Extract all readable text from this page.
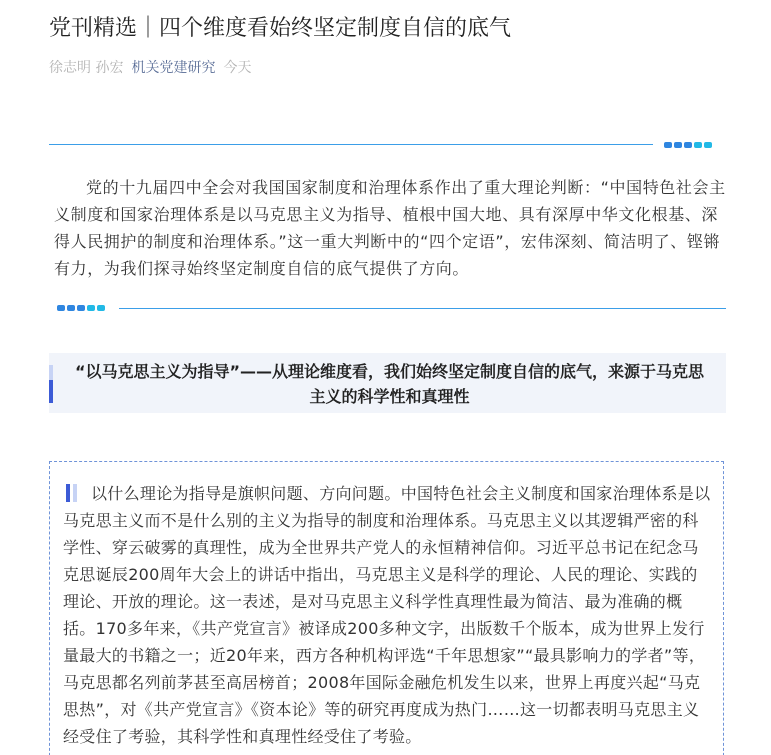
党刊精选｜四个维度看始终坚定制度自信的底气
徐志明 孙宏 机关党建研究 今天
党的十九届四中全会对我国国家制度和治理体系作出了重大理论判断：“中国特色社会主义制度和国家治理体系是以马克思主义为指导、植根中国大地、具有深厚中华文化根基、深得人民拥护的制度和治理体系。”这一重大判断中的“四个定语”，宏伟深刻、简洁明了、铿锵有力，为我们探寻始终坚定制度自信的底气提供了方向。
“以马克思主义为指导”——从理论维度看，我们始终坚定制度自信的底气，来源于马克思主义的科学性和真理性
以什么理论为指导是旗帜问题、方向问题。中国特色社会主义制度和国家治理体系是以马克思主义而不是什么别的主义为指导的制度和治理体系。马克思主义以其逻辑严密的科学性、穿云破雾的真理性，成为全世界共产党人的永恒精神信仰。习近平总书记在纪念马克思诞辰200周年大会上的讲话中指出，马克思主义是科学的理论、人民的理论、实践的理论、开放的理论。这一表述，是对马克思主义科学性真理性最为简洁、最为准确的概括。170多年来，《共产党宣言》被译成200多种文字，出版数千个版本，成为世界上发行量最大的书籍之一；近20年来，西方各种机构评选“千年思想家”“最具影响力的学者”等，马克思都名列前茅甚至高居榜首；2008年国际金融危机发生以来，世界上再度兴起“马克思热”，对《共产党宣言》《资本论》等的研究再度成为热门……这一切都表明马克思主义经受住了考验，其科学性和真理性经受住了考验。
